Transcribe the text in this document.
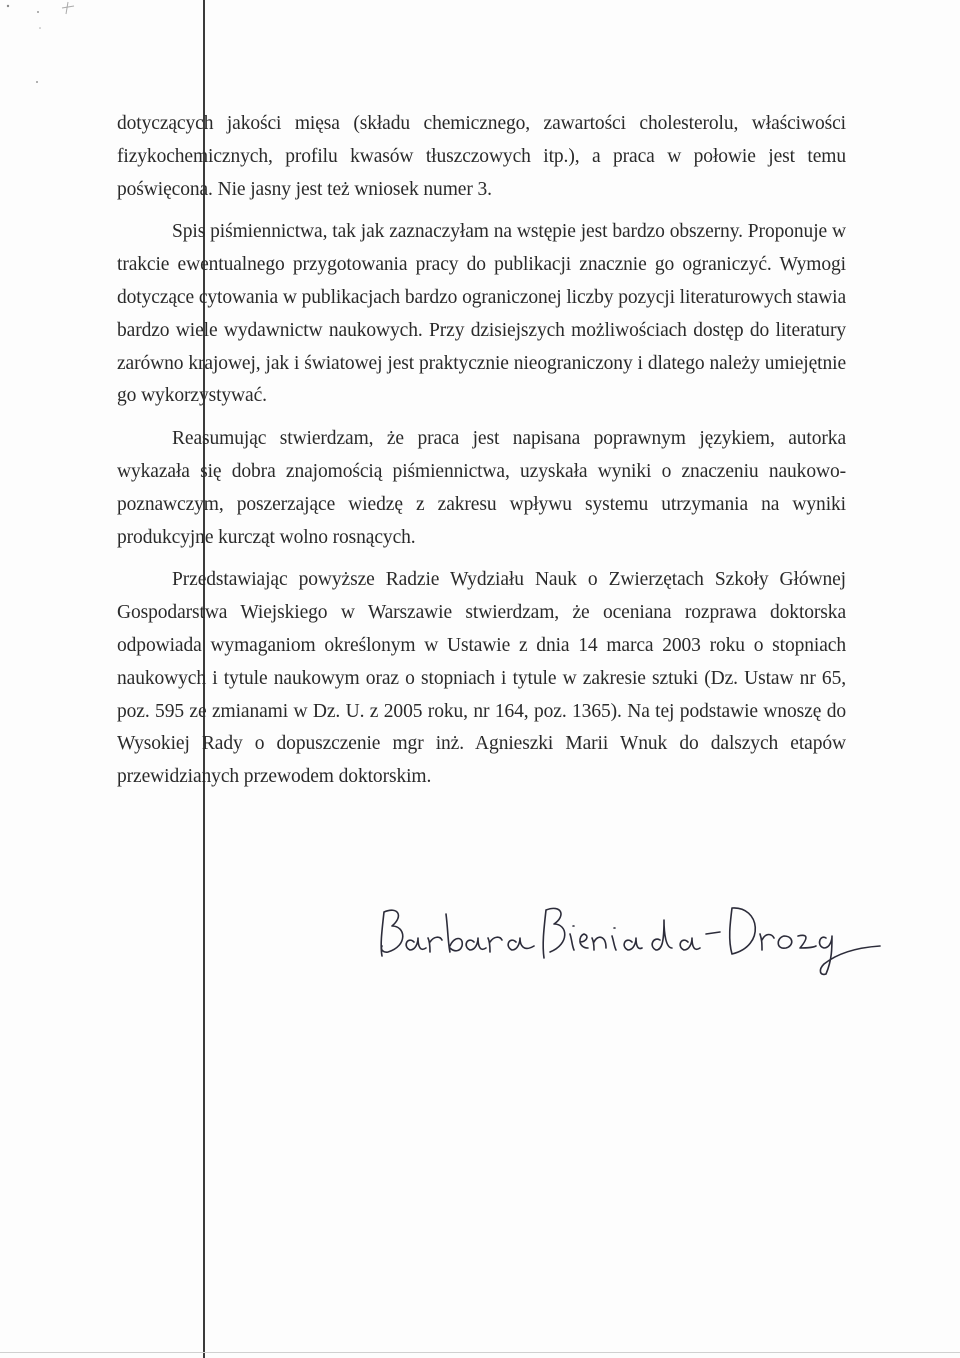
dotyczących jakości mięsa (składu chemicznego, zawartości cholesterolu, właściwości fizykochemicznych, profilu kwasów tłuszczowych itp.), a praca w połowie jest temu poświęcona. Nie jasny jest też wniosek numer 3.

Spis piśmiennictwa, tak jak zaznaczyłam na wstępie jest bardzo obszerny. Proponuje w trakcie ewentualnego przygotowania pracy do publikacji znacznie go ograniczyć. Wymogi dotyczące cytowania w publikacjach bardzo ograniczonej liczby pozycji literaturowych stawia bardzo wiele wydawnictw naukowych. Przy dzisiejszych możliwościach dostęp do literatury zarówno krajowej, jak i światowej jest praktycznie nieograniczony i dlatego należy umiejętnie go wykorzystywać.

Reasumując stwierdzam, że praca jest napisana poprawnym językiem, autorka wykazała się dobra znajomością piśmiennictwa, uzyskała wyniki o znaczeniu naukowo-poznawczym, poszerzające wiedzę z zakresu wpływu systemu utrzymania na wyniki produkcyjne kurcząt wolno rosnących.

Przedstawiając powyższe Radzie Wydziału Nauk o Zwierzętach Szkoły Głównej Gospodarstwa Wiejskiego w Warszawie stwierdzam, że oceniana rozprawa doktorska odpowiada wymaganiom określonym w Ustawie z dnia 14 marca 2003 roku o stopniach naukowych i tytule naukowym oraz o stopniach i tytule w zakresie sztuki (Dz. Ustaw nr 65, poz. 595 ze zmianami w Dz. U. z 2005 roku, nr 164, poz. 1365). Na tej podstawie wnoszę do Wysokiej Rady o dopuszczenie mgr inż. Agnieszki Marii Wnuk do dalszych etapów przewidzianych przewodem doktorskim.
